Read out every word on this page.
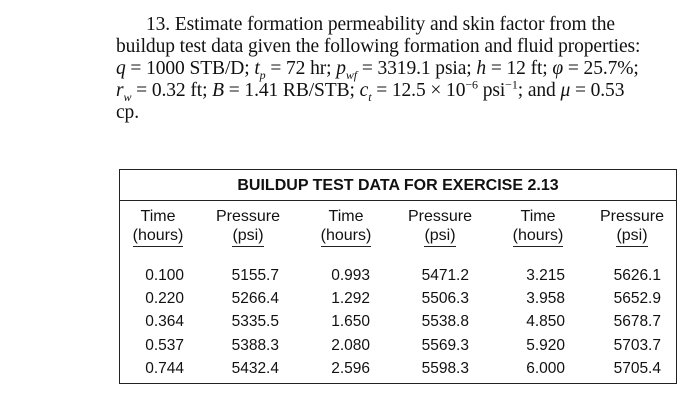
13. Estimate formation permeability and skin factor from the
buildup test data given the following formation and fluid properties:
q = 1000 STB/D; $t_p = 72$ hr; $p_{wf} = 3319.1$ psia; h = 12 ft; φ = 25.7%;
$r_w = 0.32$ ft; B = 1.41 RB/STB; $c_t = 12.5 \times 10^{-6}$ psi$^{-1}$; and μ = 0.53
cp.
BUILDUP TEST DATA FOR EXERCISE 2.13
Time
(hours)
Pressure
(psi)
Time
(hours)
Pressure
(psi)
Time
(hours)
Pressure
(psi)
0.100
0.220
0.364
0.537
0.744
5155.7
5266.4
5335.5
5388.3
5432.4
0.993
1.292
1.650
2.080
2.596
5471.2
5506.3
5538.8
5569.3
5598.3
3.215
3.958
4.850
5.920
6.000
5626.1
5652.9
5678.7
5703.7
5705.4
